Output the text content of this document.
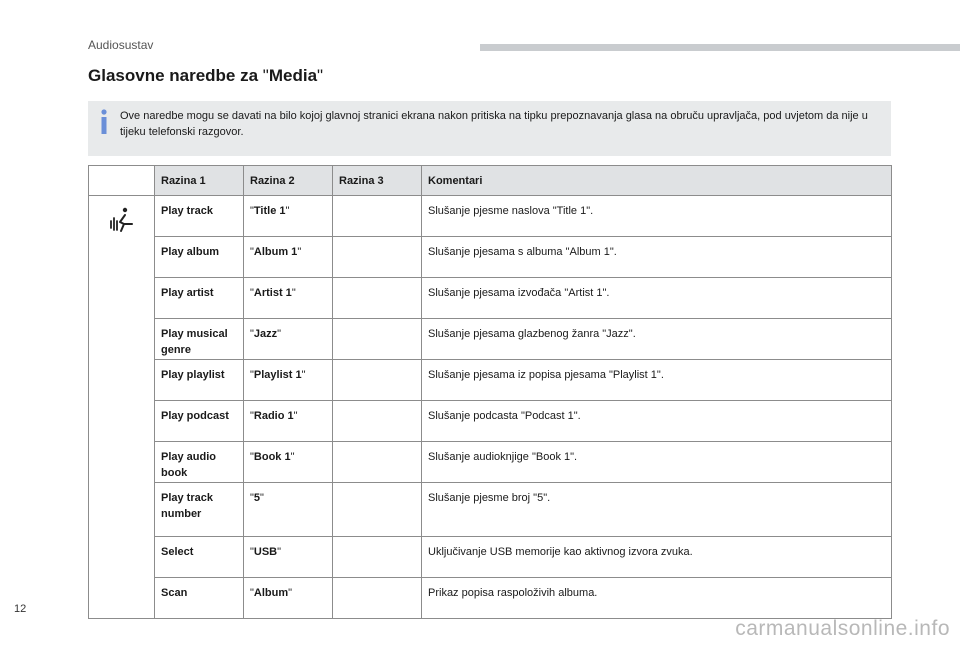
Audiosustav
Glasovne naredbe za "Media"
Ove naredbe mogu se davati na bilo kojoj glavnoj stranici ekrana nakon pritiska na tipku prepoznavanja glasa na obruču upravljača, pod uvjetom da nije u tijeku telefonski razgovor.
	Razina 1	Razina 2	Razina 3	Komentari
	Play track	"Title 1"		Slušanje pjesme naslova "Title 1".
	Play album	"Album 1"		Slušanje pjesama s albuma "Album 1".
	Play artist	"Artist 1"		Slušanje pjesama izvođača "Artist 1".
	Play musical genre	"Jazz"		Slušanje pjesama glazbenog žanra "Jazz".
	Play playlist	"Playlist 1"		Slušanje pjesama iz popisa pjesama "Playlist 1".
	Play podcast	"Radio 1"		Slušanje podcasta "Podcast 1".
	Play audio book	"Book 1"		Slušanje audioknjige "Book 1".
	Play track number	"5"		Slušanje pjesme broj "5".
	Select	"USB"		Uključivanje USB memorije kao aktivnog izvora zvuka.
	Scan	"Album"		Prikaz popisa raspoloživih albuma.
12
carmanualsonline.info
